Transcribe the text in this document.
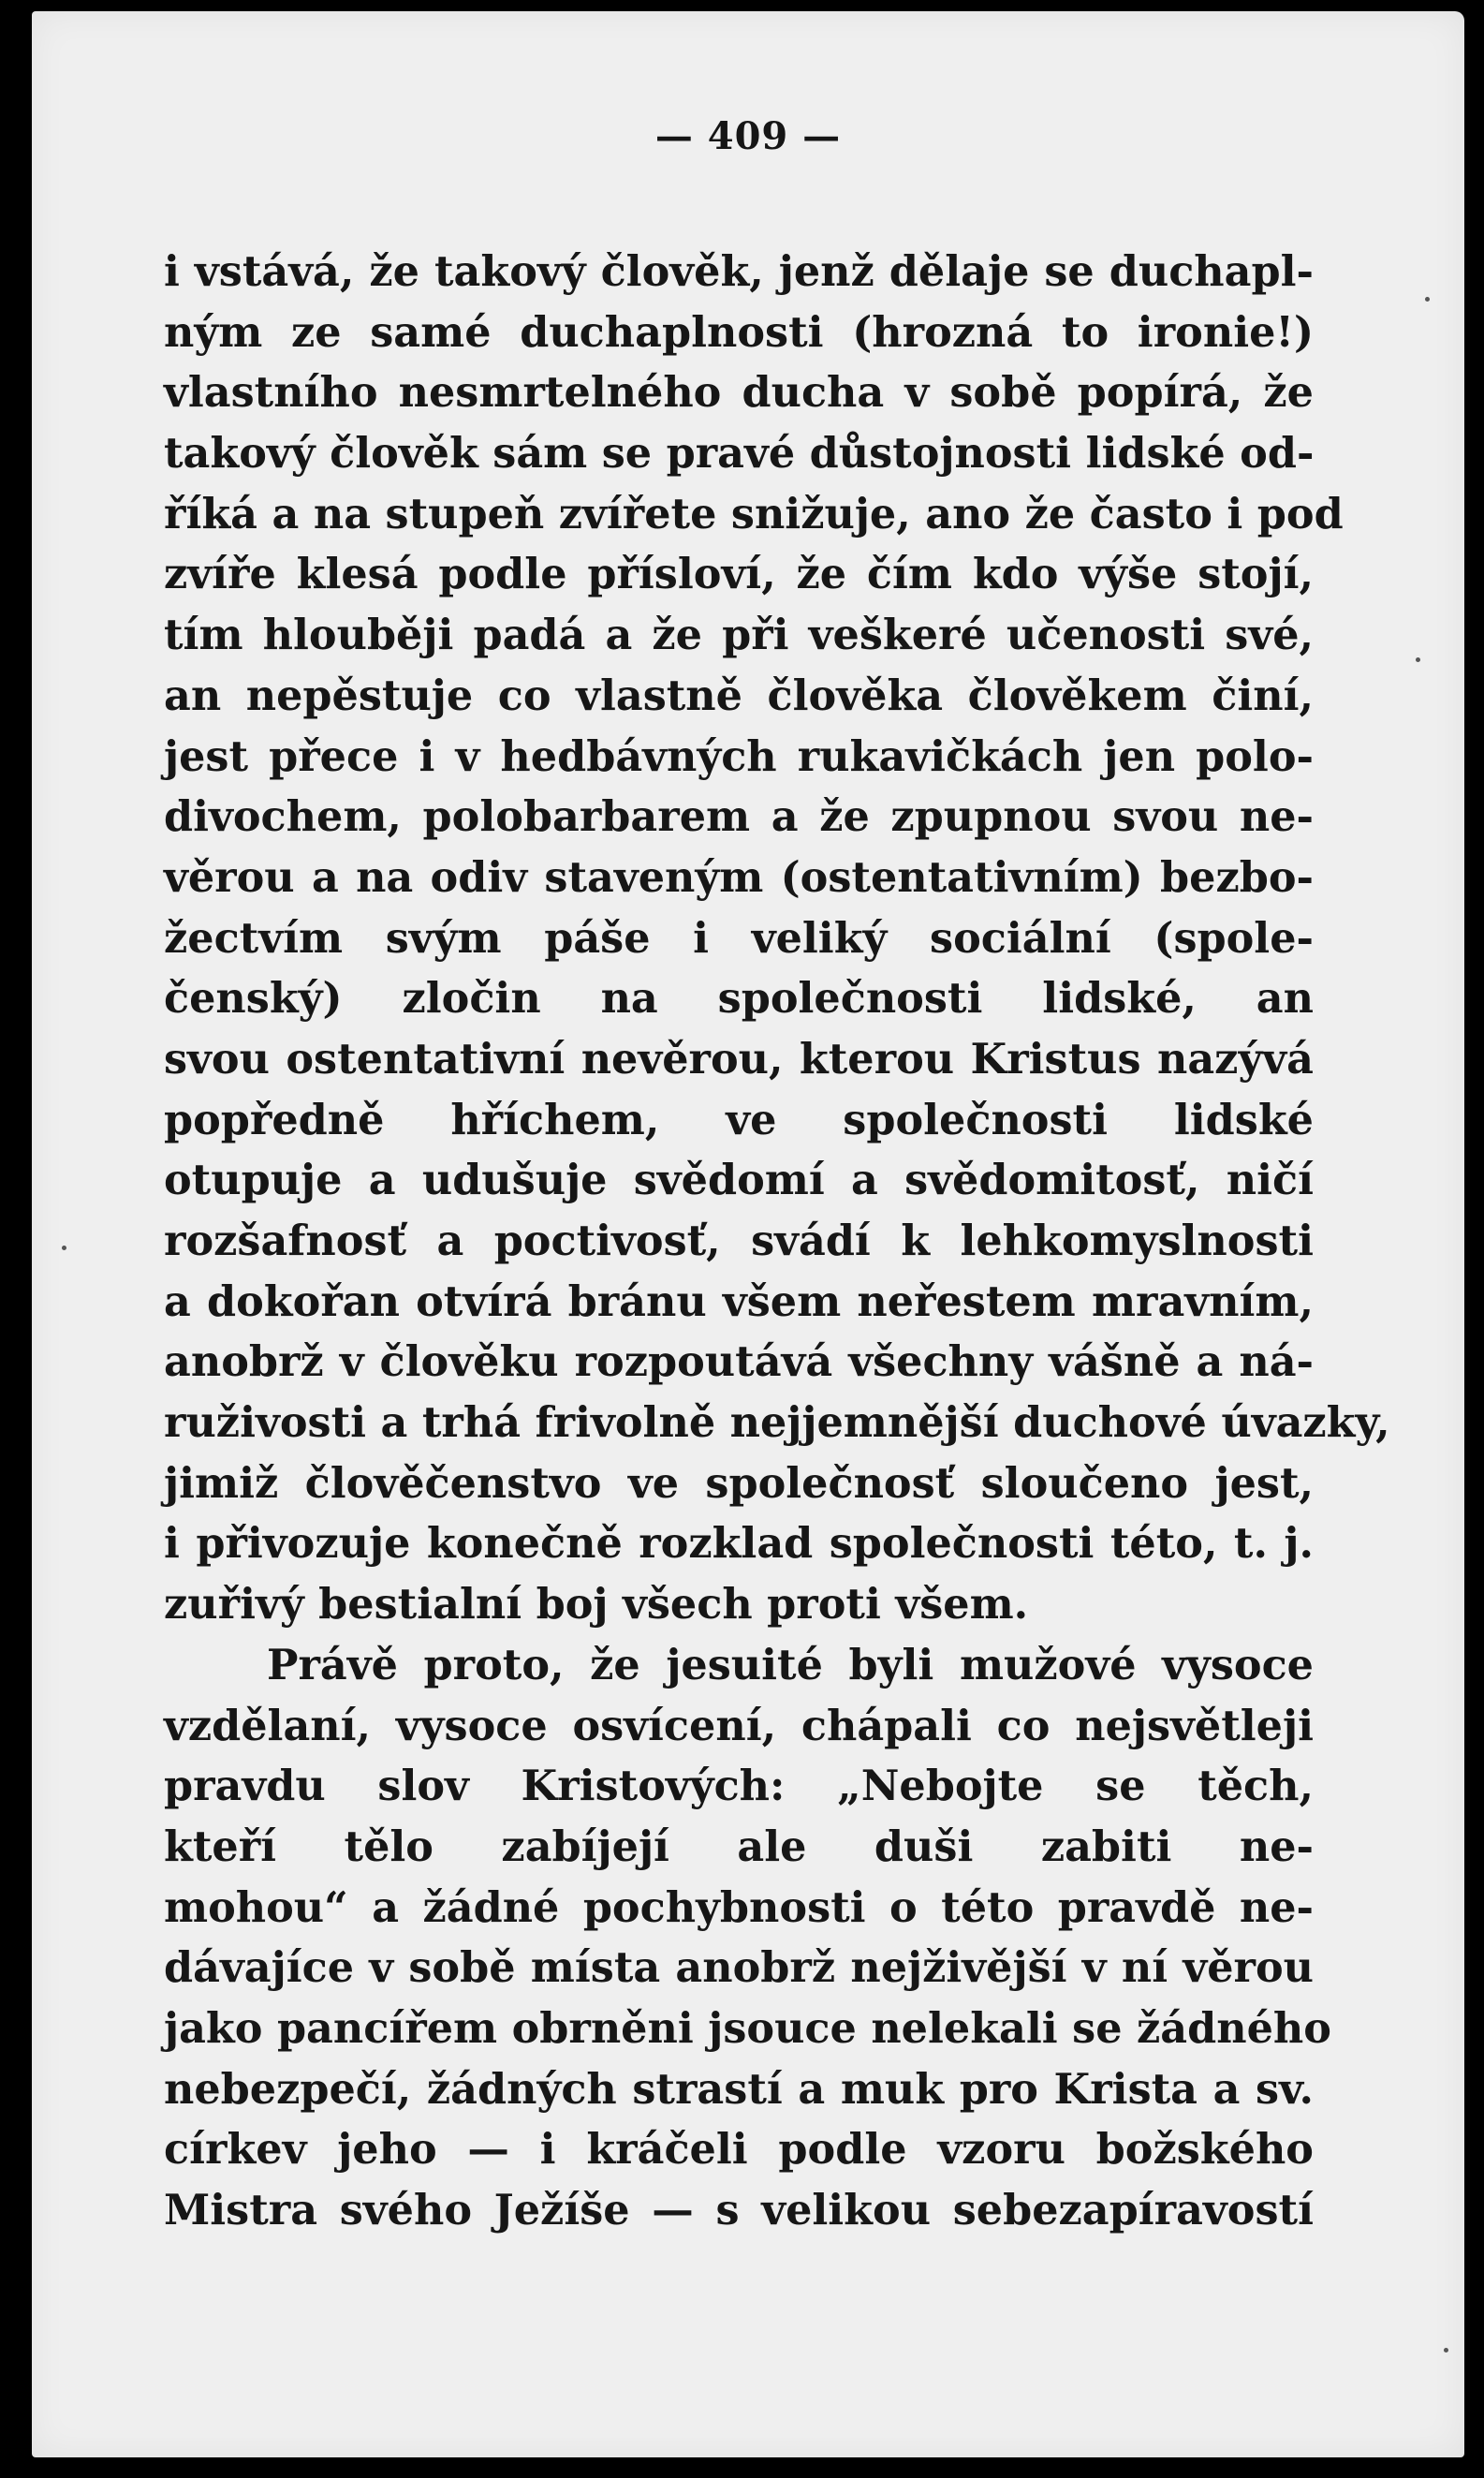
— 409 —
i vstává, že takový člověk, jenž dělaje se duchapl-
ným ze samé duchaplnosti (hrozná to ironie!)
vlastního nesmrtelného ducha v sobě popírá, že
takový člověk sám se pravé důstojnosti lidské od-
říká a na stupeň zvířete snižuje, ano že často i pod
zvíře klesá podle přísloví, že čím kdo výše stojí,
tím hlouběji padá a že při veškeré učenosti své,
an nepěstuje co vlastně člověka člověkem činí,
jest přece i v hedbávných rukavičkách jen polo-
divochem, polobarbarem a že zpupnou svou ne-
věrou a na odiv staveným (ostentativním) bezbo-
žectvím svým páše i veliký sociální (spole-
čenský) zločin na společnosti lidské, an
svou ostentativní nevěrou, kterou Kristus nazývá
popředně hříchem, ve společnosti lidské
otupuje a udušuje svědomí a svědomitosť, ničí
rozšafnosť a poctivosť, svádí k lehkomyslnosti
a dokořan otvírá bránu všem neřestem mravním,
anobrž v člověku rozpoutává všechny vášně a ná-
ruživosti a trhá frivolně nejjemnější duchové úvazky,
jimiž člověčenstvo ve společnosť sloučeno jest,
i přivozuje konečně rozklad společnosti této, t. j.
zuřivý bestialní boj všech proti všem.
Právě proto, že jesuité byli mužové vysoce
vzdělaní, vysoce osvícení, chápali co nejsvětleji
pravdu slov Kristových: „Nebojte se těch,
kteří tělo zabíjejí ale duši zabiti ne-
mohou“ a žádné pochybnosti o této pravdě ne-
dávajíce v sobě místa anobrž nejživější v ní věrou
jako pancířem obrněni jsouce nelekali se žádného
nebezpečí, žádných strastí a muk pro Krista a sv.
církev jeho — i kráčeli podle vzoru božského
Mistra svého Ježíše — s velikou sebezapíravostí
